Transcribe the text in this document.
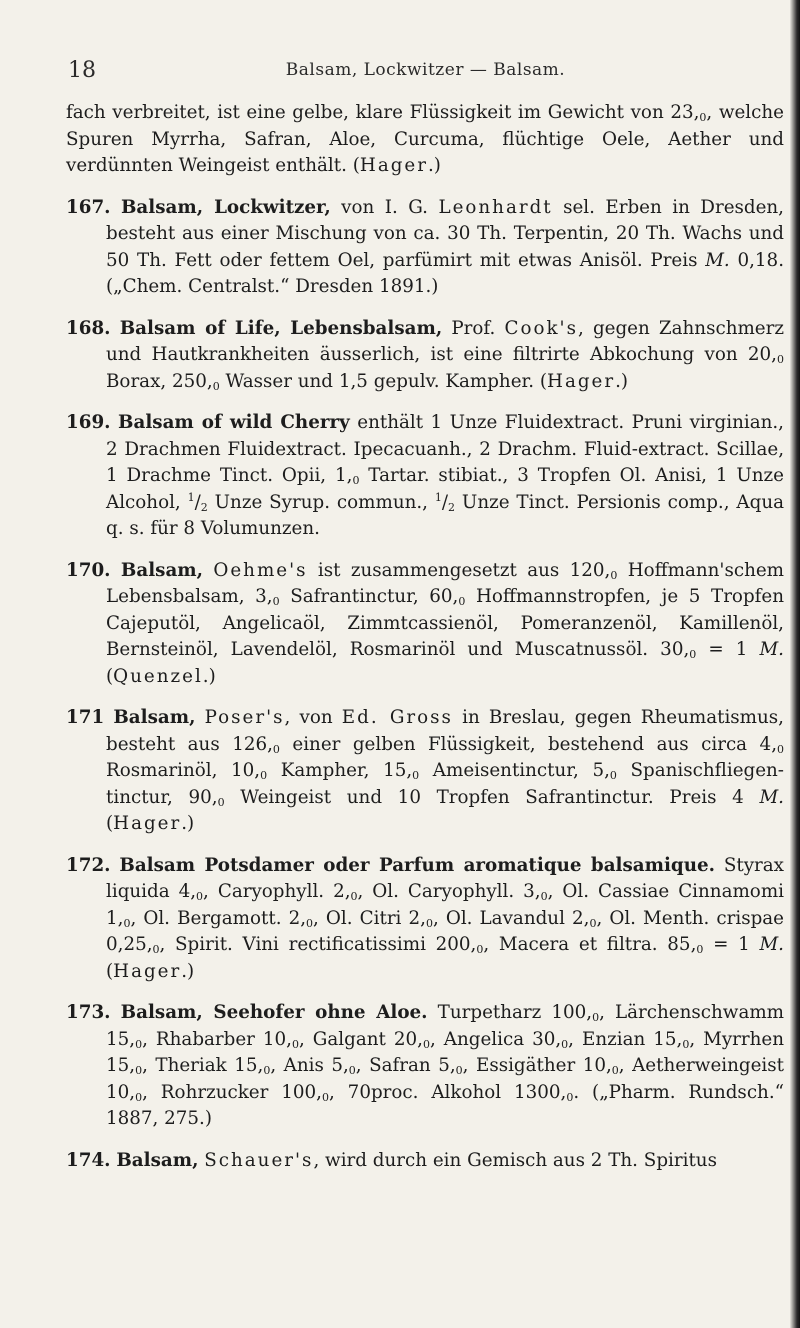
18	Balsam, Lockwitzer — Balsam.

fach verbreitet, ist eine gelbe, klare Flüssigkeit im Gewicht von $23,_0$, welche Spuren Myrrha, Safran, Aloe, Curcuma, flüchtige Oele, Aether und verdünnten Weingeist enthält. (Hager.)

167. Balsam, Lockwitzer, von I. G. Leonhardt sel. Erben in Dresden, besteht aus einer Mischung von ca. 30 Th. Terpentin, 20 Th. Wachs und 50 Th. Fett oder fettem Oel, parfümirt mit etwas Anisöl. Preis M. 0,18. („Chem. Centralst.“ Dresden 1891.)

168. Balsam of Life, Lebensbalsam, Prof. Cook's, gegen Zahnschmerz und Hautkrankheiten äusserlich, ist eine filtrirte Abkochung von $20,_0$ Borax, $250,_0$ Wasser und 1,5 gepulv. Kampher. (Hager.)

169. Balsam of wild Cherry enthält 1 Unze Fluidextract. Pruni virginian., 2 Drachmen Fluidextract. Ipecacuanh., 2 Drachm. Fluid-extract. Scillae, 1 Drachme Tinct. Opii, $1,_0$ Tartar. stibiat., 3 Tropfen Ol. Anisi, 1 Unze Alcohol, $^1/_2$ Unze Syrup. commun., $^1/_2$ Unze Tinct. Persionis comp., Aqua q. s. für 8 Volumunzen.

170. Balsam, Oehme's ist zusammengesetzt aus $120,_0$ Hoffmann'schem Lebensbalsam, $3,_0$ Safrantinctur, $60,_0$ Hoffmannstropfen, je 5 Tropfen Cajeputöl, Angelicaöl, Zimmtcassienöl, Pomeranzenöl, Kamillenöl, Bernsteinöl, Lavendelöl, Rosmarinöl und Muscatnussöl. $30,_0 = 1$ M. (Quenzel.)

171 Balsam, Poser's, von Ed. Gross in Breslau, gegen Rheumatismus, besteht aus $126,_0$ einer gelben Flüssigkeit, bestehend aus circa $4,_0$ Rosmarinöl, $10,_0$ Kampher, $15,_0$ Ameisentinctur, $5,_0$ Spanischfliegen-tinctur, $90,_0$ Weingeist und 10 Tropfen Safrantinctur. Preis 4 M. (Hager.)

172. Balsam Potsdamer oder Parfum aromatique balsamique. Styrax liquida $4,_0$, Caryophyll. $2,_0$, Ol. Caryophyll. $3,_0$, Ol. Cassiae Cinnamomi $1,_0$, Ol. Bergamott. $2,_0$, Ol. Citri $2,_0$, Ol. Lavandul $2,_0$, Ol. Menth. crispae $0,25,_0$, Spirit. Vini rectificatissimi $200,_0$, Macera et filtra. $85,_0 = 1$ M. (Hager.)

173. Balsam, Seehofer ohne Aloe. Turpetharz $100,_0$, Lärchenschwamm $15,_0$, Rhabarber $10,_0$, Galgant $20,_0$, Angelica $30,_0$, Enzian $15,_0$, Myrrhen $15,_0$, Theriak $15,_0$, Anis $5,_0$, Safran $5,_0$, Essigäther $10,_0$, Aetherweingeist $10,_0$, Rohrzucker $100,_0$, 70proc. Alkohol $1300,_0$. („Pharm. Rundsch.“ 1887, 275.)

174. Balsam, Schauer's, wird durch ein Gemisch aus 2 Th. Spiritus
